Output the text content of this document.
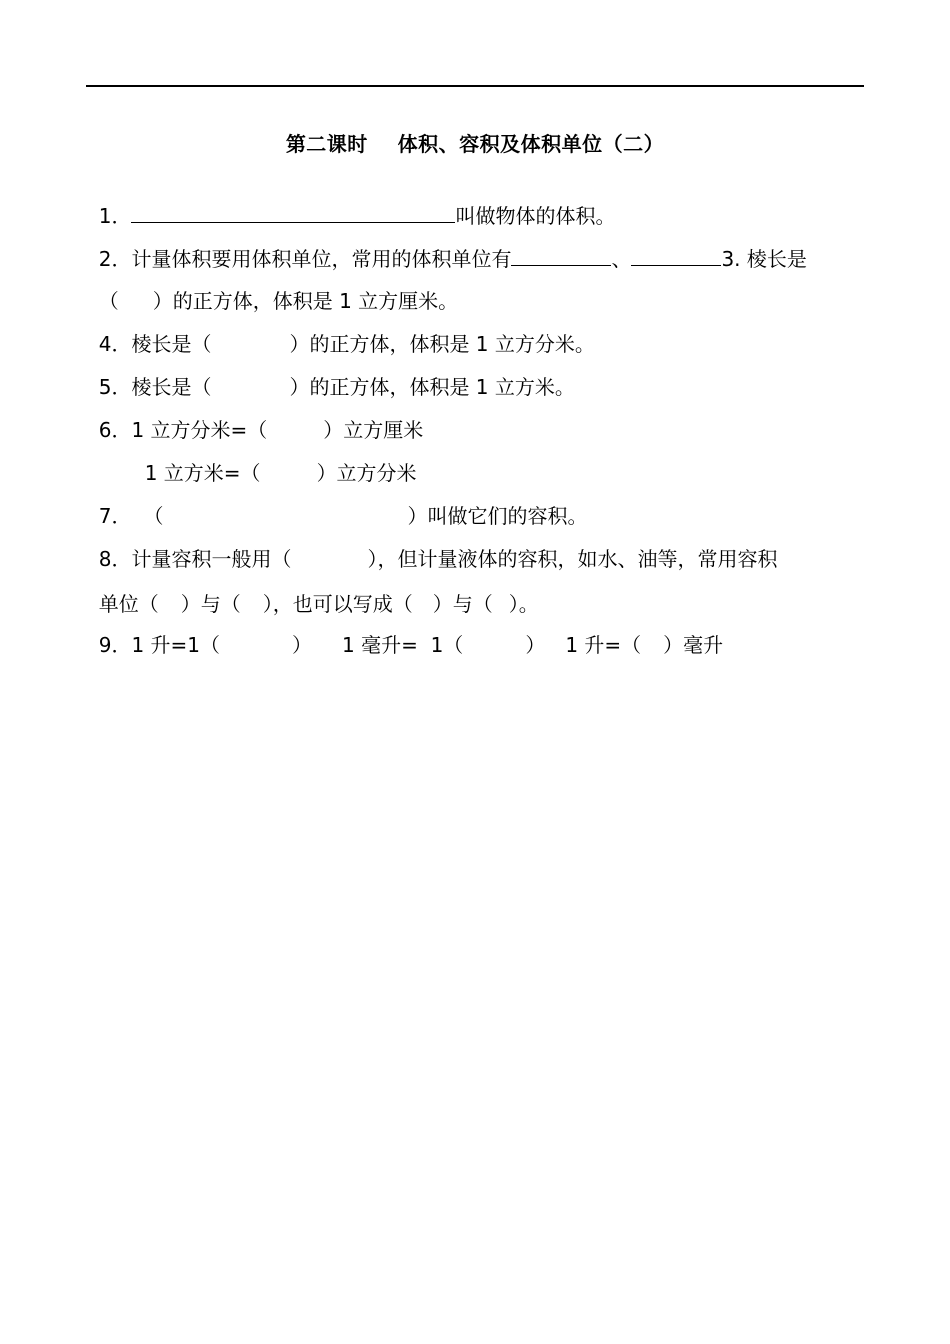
第二课时    体积、容积及体积单位（二）

1．	叫做物体的体积。

2．计量体积要用体积单位，常用的体积单位有	、	3. 棱长是

（ ）的正方体，体积是 1 立方厘米。

4．棱长是（	）的正方体，体积是 1 立方分米。

5．棱长是（	）的正方体，体积是 1 立方米。

6．1 立方分米=（	）立方厘米

1 立方米=（	）立方分米

7． （	）叫做它们的容积。

8．计量容积一般用（	），但计量液体的容积，如水、油等，常用容积

单位（ ）与（ ），也可以写成（ ）与（ ）。

9．1 升=1（	） 1 毫升=  1（	） 1 升=（ ）毫升
